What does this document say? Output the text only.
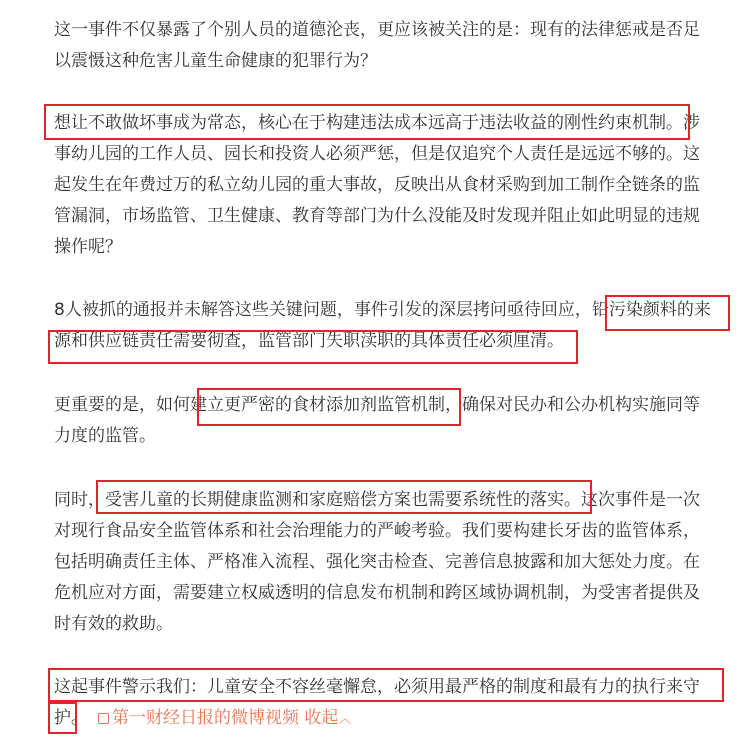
这一事件不仅暴露了个别人员的道德沦丧，更应该被关注的是：现有的法律惩戒是否足
以震慑这种危害儿童生命健康的犯罪行为？

想让不敢做坏事成为常态，核心在于构建违法成本远高于违法收益的刚性约束机制。涉
事幼儿园的工作人员、园长和投资人必须严惩，但是仅追究个人责任是远远不够的。这
起发生在年费过万的私立幼儿园的重大事故，反映出从食材采购到加工制作全链条的监
管漏洞，市场监管、卫生健康、教育等部门为什么没能及时发现并阻止如此明显的违规
操作呢？

8人被抓的通报并未解答这些关键问题，事件引发的深层拷问亟待回应，铅污染颜料的来
源和供应链责任需要彻查，监管部门失职渎职的具体责任必须厘清。

更重要的是，如何建立更严密的食材添加剂监管机制，确保对民办和公办机构实施同等
力度的监管。

同时，受害儿童的长期健康监测和家庭赔偿方案也需要系统性的落实。这次事件是一次
对现行食品安全监管体系和社会治理能力的严峻考验。我们要构建长牙齿的监管体系，
包括明确责任主体、严格准入流程、强化突击检查、完善信息披露和加大惩处力度。在
危机应对方面，需要建立权威透明的信息发布机制和跨区域协调机制，为受害者提供及
时有效的救助。

这起事件警示我们：儿童安全不容丝毫懈怠，必须用最严格的制度和最有力的执行来守
护。 第一财经日报的微博视频 收起︿
